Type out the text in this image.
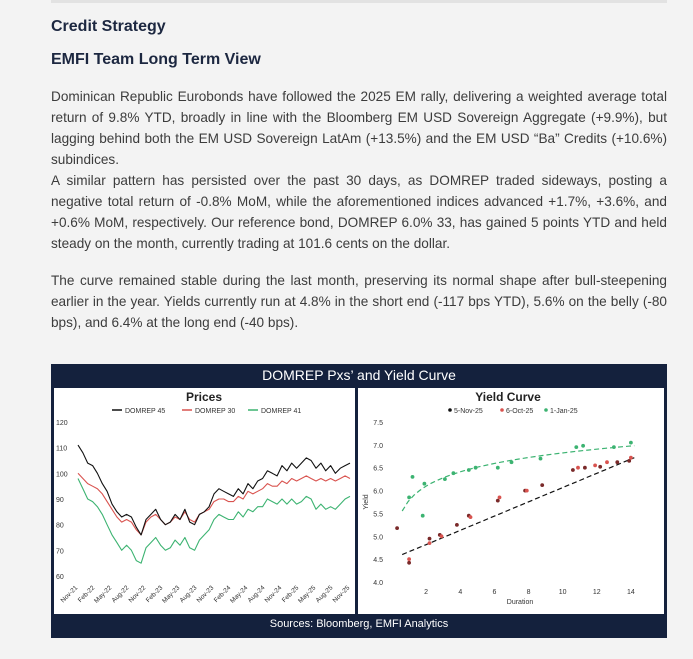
Credit Strategy
EMFI Team Long Term View
Dominican Republic Eurobonds have followed the 2025 EM rally, delivering a weighted average total return of 9.8% YTD, broadly in line with the Bloomberg EM USD Sovereign Aggregate (+9.9%), but lagging behind both the EM USD Sovereign LatAm (+13.5%) and the EM USD “Ba” Credits (+10.6%) subindices.
A similar pattern has persisted over the past 30 days, as DOMREP traded sideways, posting a negative total return of -0.8% MoM, while the aforementioned indices advanced +1.7%, +3.6%, and +0.6% MoM, respectively. Our reference bond, DOMREP 6.0% 33, has gained 5 points YTD and held steady on the month, currently trading at 101.6 cents on the dollar.
The curve remained stable during the last month, preserving its normal shape after bull-steepening earlier in the year. Yields currently run at 4.8% in the short end (-117 bps YTD), 5.6% on the belly (-80 bps), and 6.4% at the long end (-40 bps).
DOMREP Pxs’ and Yield Curve
Prices
DOMREP 45	DOMREP 30	DOMREP 41
60
70
80
90
100
110
120
Nov-21
Feb-22
May-22
Aug-22
Nov-22
Feb-23
May-23
Aug-23
Nov-23
Feb-24
May-24
Aug-24
Nov-24
Feb-25
May-25
Aug-25
Nov-25
Yield Curve
5-Nov-25	6-Oct-25 1-Jan-25
Duration
Yield
4.0
4.5
5.0
5.5
6.0
6.5
7.0
7.5
2	4	6	8	10	12	14
Sources: Bloomberg, EMFI Analytics
